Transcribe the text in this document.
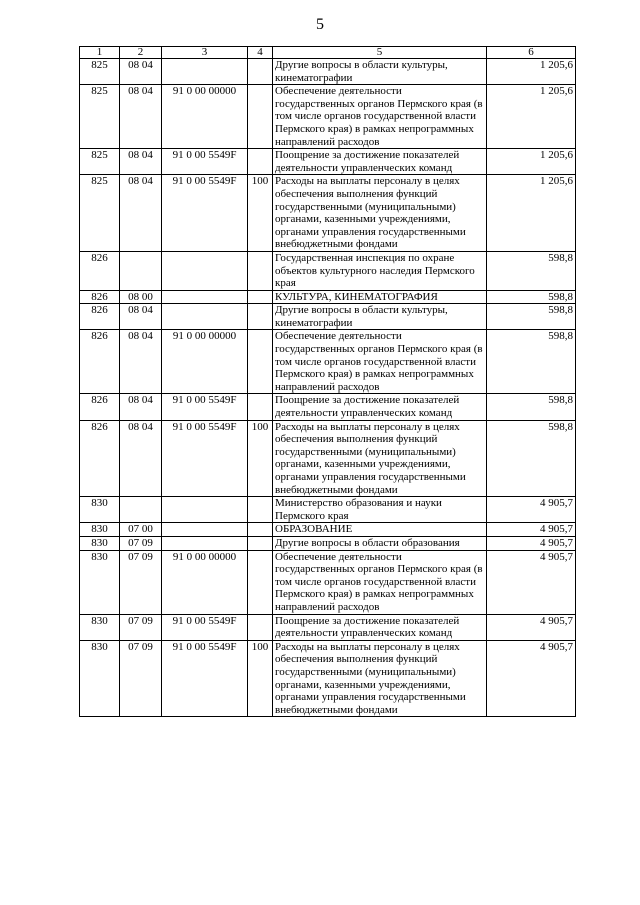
5
1	2	3	4	5	6
825	08 04			Другие вопросы в области культуры, кинематографии	1 205,6
825	08 04	91 0 00 00000		Обеспечение деятельности государственных органов Пермского края (в том числе органов государственной власти Пермского края) в рамках непрограммных направлений расходов	1 205,6
825	08 04	91 0 00 5549F		Поощрение за достижение показателей деятельности управленческих команд	1 205,6
825	08 04	91 0 00 5549F	100	Расходы на выплаты персоналу в целях обеспечения выполнения функций государственными (муниципальными) органами, казенными учреждениями, органами управления государственными внебюджетными фондами	1 205,6
826				Государственная инспекция по охране объектов культурного наследия Пермского края	598,8
826	08 00			КУЛЬТУРА, КИНЕМАТОГРАФИЯ	598,8
826	08 04			Другие вопросы в области культуры, кинематографии	598,8
826	08 04	91 0 00 00000		Обеспечение деятельности государственных органов Пермского края (в том числе органов государственной власти Пермского края) в рамках непрограммных направлений расходов	598,8
826	08 04	91 0 00 5549F		Поощрение за достижение показателей деятельности управленческих команд	598,8
826	08 04	91 0 00 5549F	100	Расходы на выплаты персоналу в целях обеспечения выполнения функций государственными (муниципальными) органами, казенными учреждениями, органами управления государственными внебюджетными фондами	598,8
830				Министерство образования и науки Пермского края	4 905,7
830	07 00			ОБРАЗОВАНИЕ	4 905,7
830	07 09			Другие вопросы в области образования	4 905,7
830	07 09	91 0 00 00000		Обеспечение деятельности государственных органов Пермского края (в том числе органов государственной власти Пермского края) в рамках непрограммных направлений расходов	4 905,7
830	07 09	91 0 00 5549F		Поощрение за достижение показателей деятельности управленческих команд	4 905,7
830	07 09	91 0 00 5549F	100	Расходы на выплаты персоналу в целях обеспечения выполнения функций государственными (муниципальными) органами, казенными учреждениями, органами управления государственными внебюджетными фондами	4 905,7
